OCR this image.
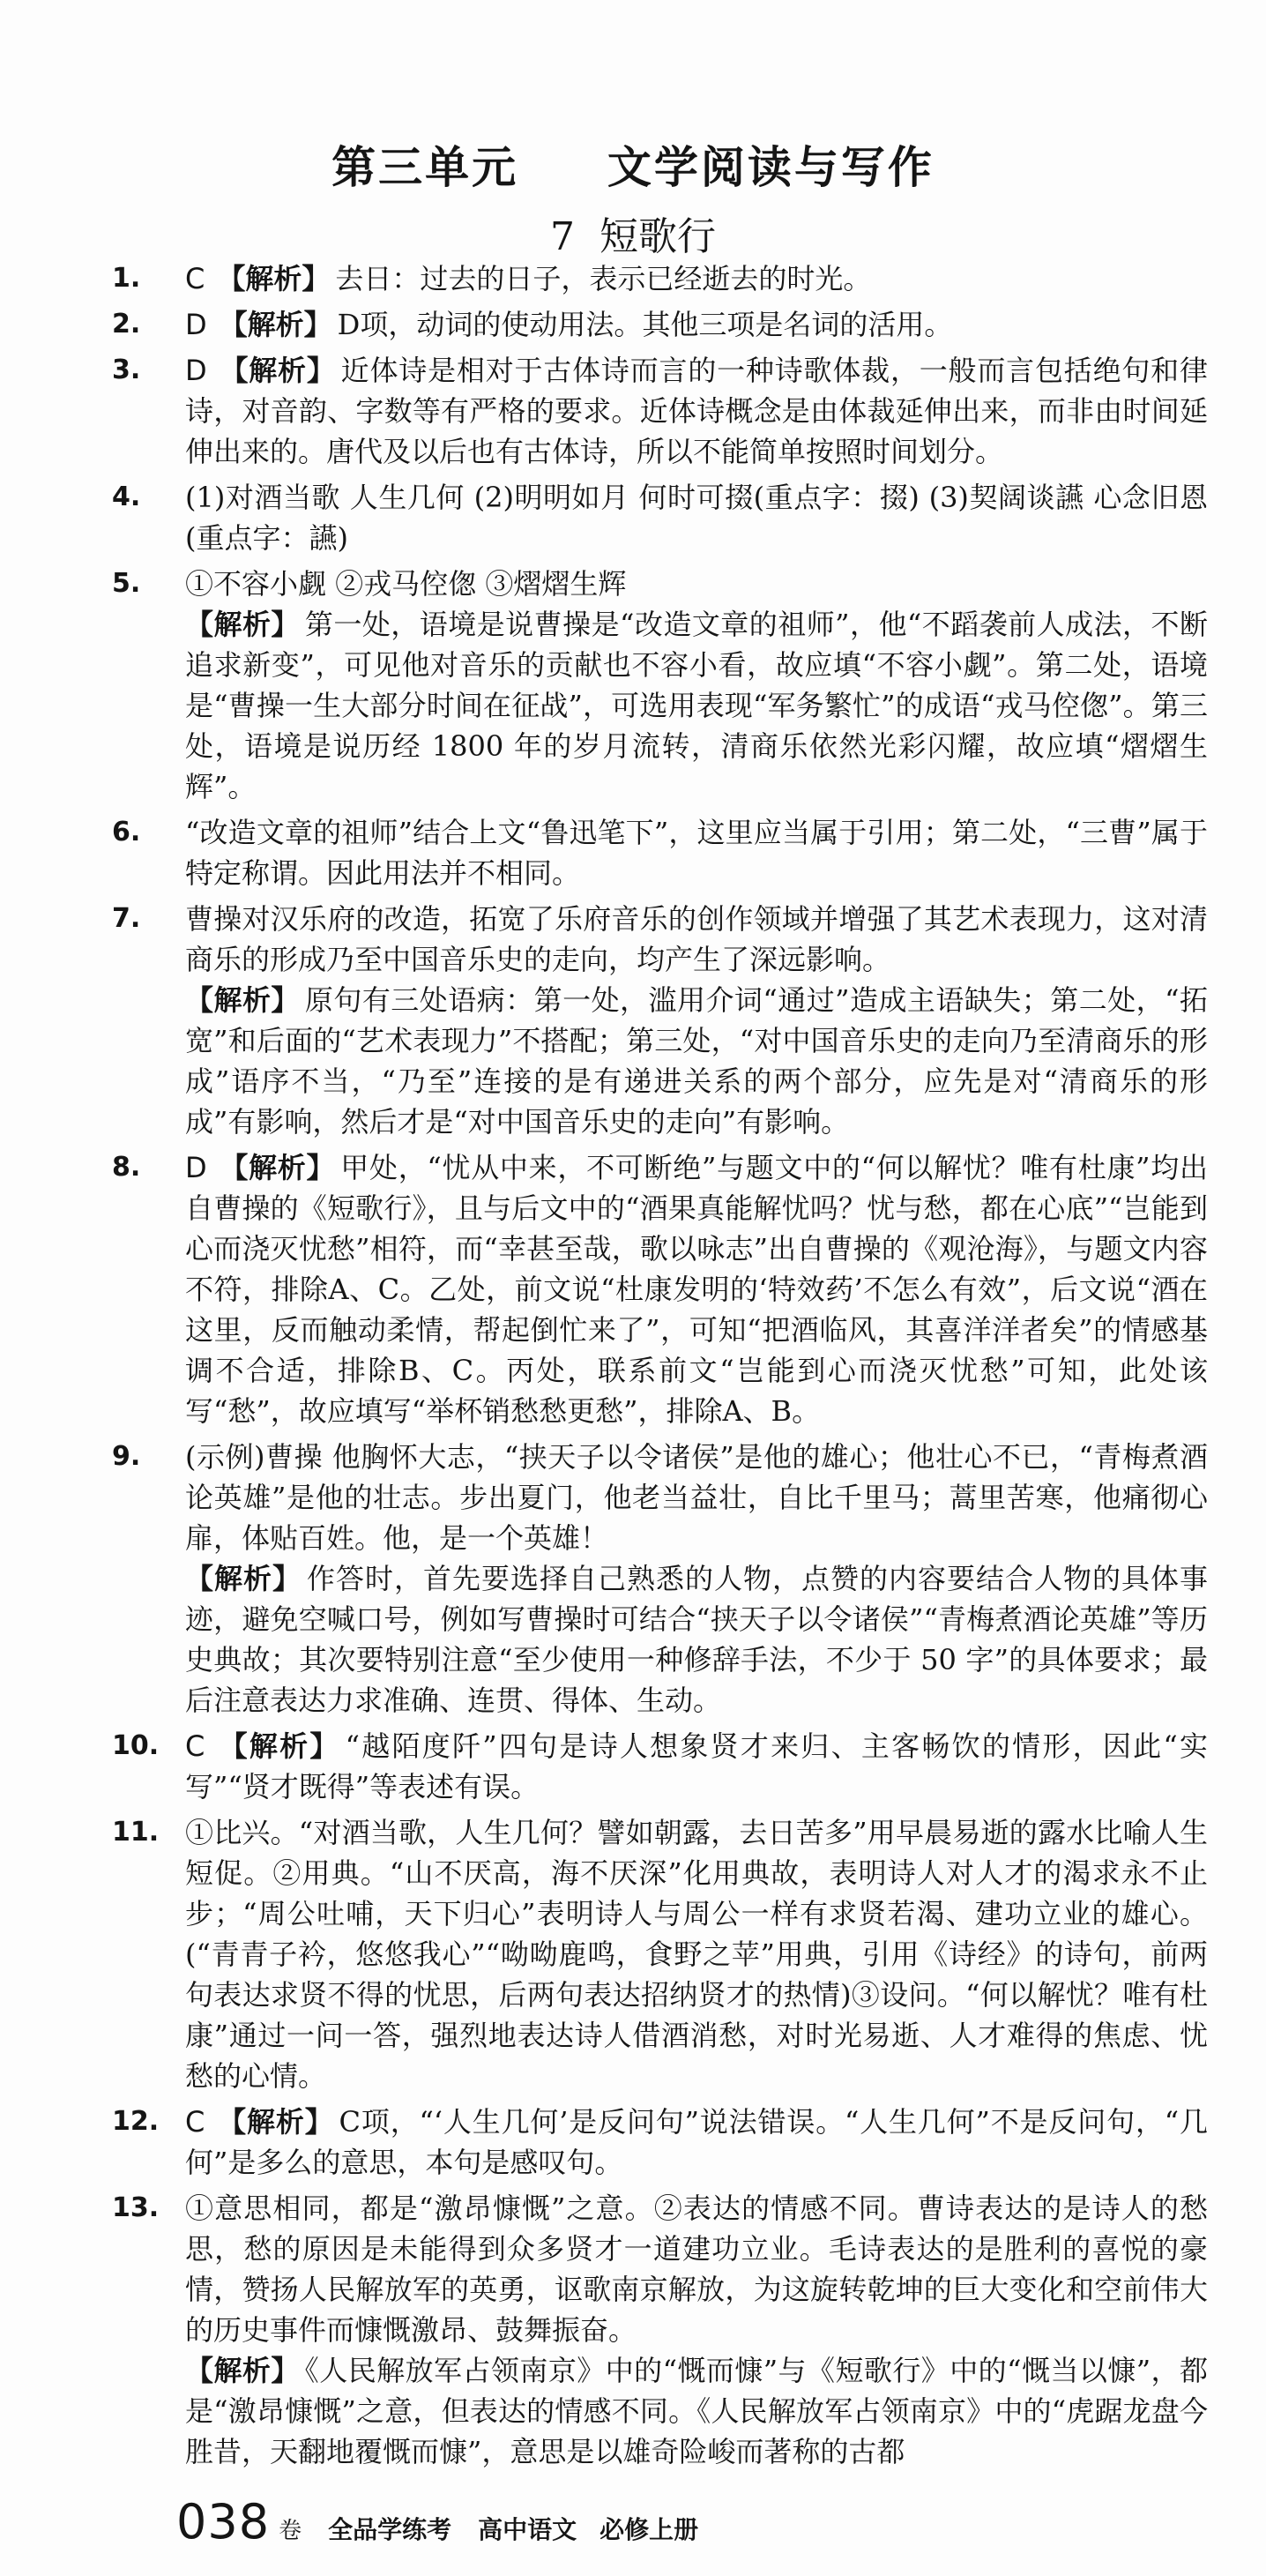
第三单元  文学阅读与写作
7  短歌行
1. C 【解析】 去日：过去的日子，表示已经逝去的时光。
2. D 【解析】 D项，动词的使动用法。其他三项是名词的活用。
3. D 【解析】 近体诗是相对于古体诗而言的一种诗歌体裁，一般而言包括绝句和律诗，对音韵、字数等有严格的要求。近体诗概念是由体裁延伸出来，而非由时间延伸出来的。唐代及以后也有古体诗，所以不能简单按照时间划分。
4. (1)对酒当歌 人生几何 (2)明明如月 何时可掇(重点字：掇) (3)契阔谈讌 心念旧恩(重点字：讌)
5. ①不容小觑 ②戎马倥偬 ③熠熠生辉
【解析】 第一处，语境是说曹操是“改造文章的祖师”，他“不蹈袭前人成法，不断追求新变”，可见他对音乐的贡献也不容小看，故应填“不容小觑”。第二处，语境是“曹操一生大部分时间在征战”，可选用表现“军务繁忙”的成语“戎马倥偬”。第三处，语境是说历经 1800 年的岁月流转，清商乐依然光彩闪耀，故应填“熠熠生辉”。
6. “改造文章的祖师”结合上文“鲁迅笔下”，这里应当属于引用；第二处，“三曹”属于特定称谓。因此用法并不相同。
7. 曹操对汉乐府的改造，拓宽了乐府音乐的创作领域并增强了其艺术表现力，这对清商乐的形成乃至中国音乐史的走向，均产生了深远影响。
【解析】 原句有三处语病：第一处，滥用介词“通过”造成主语缺失；第二处，“拓宽”和后面的“艺术表现力”不搭配；第三处，“对中国音乐史的走向乃至清商乐的形成”语序不当，“乃至”连接的是有递进关系的两个部分，应先是对“清商乐的形成”有影响，然后才是“对中国音乐史的走向”有影响。
8. D 【解析】 甲处，“忧从中来，不可断绝”与题文中的“何以解忧？唯有杜康”均出自曹操的《短歌行》，且与后文中的“酒果真能解忧吗？忧与愁，都在心底”“岂能到心而浇灭忧愁”相符，而“幸甚至哉，歌以咏志”出自曹操的《观沧海》，与题文内容不符，排除A、C。乙处，前文说“杜康发明的‘特效药’不怎么有效”，后文说“酒在这里，反而触动柔情，帮起倒忙来了”，可知“把酒临风，其喜洋洋者矣”的情感基调不合适，排除B、C。丙处，联系前文“岂能到心而浇灭忧愁”可知，此处该写“愁”，故应填写“举杯销愁愁更愁”，排除A、B。
9. (示例)曹操 他胸怀大志，“挟天子以令诸侯”是他的雄心；他壮心不已，“青梅煮酒论英雄”是他的壮志。步出夏门，他老当益壮，自比千里马；蒿里苦寒，他痛彻心扉，体贴百姓。他，是一个英雄！
【解析】 作答时，首先要选择自己熟悉的人物，点赞的内容要结合人物的具体事迹，避免空喊口号，例如写曹操时可结合“挟天子以令诸侯”“青梅煮酒论英雄”等历史典故；其次要特别注意“至少使用一种修辞手法，不少于 50 字”的具体要求；最后注意表达力求准确、连贯、得体、生动。
10. C 【解析】 “越陌度阡”四句是诗人想象贤才来归、主客畅饮的情形，因此“实写”“贤才既得”等表述有误。
11. ①比兴。“对酒当歌，人生几何？譬如朝露，去日苦多”用早晨易逝的露水比喻人生短促。②用典。“山不厌高，海不厌深”化用典故，表明诗人对人才的渴求永不止步；“周公吐哺，天下归心”表明诗人与周公一样有求贤若渴、建功立业的雄心。(“青青子衿，悠悠我心”“呦呦鹿鸣，食野之苹”用典，引用《诗经》的诗句，前两句表达求贤不得的忧思，后两句表达招纳贤才的热情)③设问。“何以解忧？唯有杜康”通过一问一答，强烈地表达诗人借酒消愁，对时光易逝、人才难得的焦虑、忧愁的心情。
12. C 【解析】 C项，“‘人生几何’是反问句”说法错误。“人生几何”不是反问句，“几何”是多么的意思，本句是感叹句。
13. ①意思相同，都是“激昂慷慨”之意。②表达的情感不同。曹诗表达的是诗人的愁思，愁的原因是未能得到众多贤才一道建功立业。毛诗表达的是胜利的喜悦的豪情，赞扬人民解放军的英勇，讴歌南京解放，为这旋转乾坤的巨大变化和空前伟大的历史事件而慷慨激昂、鼓舞振奋。
【解析】 《人民解放军占领南京》中的“慨而慷”与《短歌行》中的“慨当以慷”，都是“激昂慷慨”之意，但表达的情感不同。《人民解放军占领南京》中的“虎踞龙盘今胜昔，天翻地覆慨而慷”，意思是以雄奇险峻而著称的古都
038 卷 全品学练考 高中语文 必修上册
